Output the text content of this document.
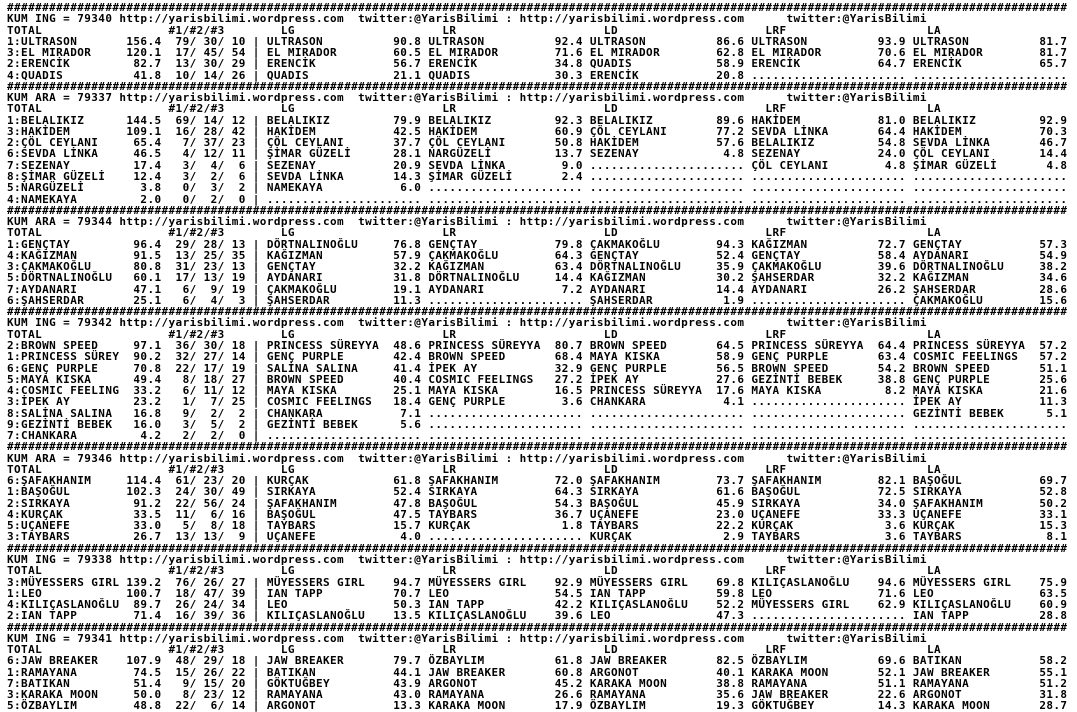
#######################################################################################################################################################
KUM ING = 79340 http://yarisbilimi.wordpress.com  twitter:@YarisBilimi : http://yarisbilimi.wordpress.com      twitter:@YarisBilimi
TOTAL                  #1/#2/#3        LG                     LR                     LD                     LRF                    LA
1:ULTRASON       156.4  79/ 30/ 10 | ULTRASON          90.8 ULTRASON          92.4 ULTRASON          86.6 ULTRASON          93.9 ULTRASON          81.7
3:EL MIRADOR     120.1  17/ 45/ 54 | EL MIRADOR        60.5 EL MIRADOR        71.6 EL MIRADOR        62.8 EL MIRADOR        70.6 EL MIRADOR        81.7
2:ERENCİK         82.7  13/ 30/ 29 | ERENCİK           56.7 ERENCİK           34.8 QUADIS            58.9 ERENCİK           64.7 ERENCİK           65.7
4:QUADIS          41.8  10/ 14/ 26 | QUADIS            21.1 QUADIS            30.3 ERENCİK           20.8 ...................... ......................
#######################################################################################################################################################
KUM ARA = 79337 http://yarisbilimi.wordpress.com  twitter:@YarisBilimi : http://yarisbilimi.wordpress.com      twitter:@YarisBilimi
TOTAL                  #1/#2/#3        LG                     LR                     LD                     LRF                    LA
1:BELALIKIZ      144.5  69/ 14/ 12 | BELALIKIZ         79.9 BELALIKIZ         92.3 BELALIKIZ         89.6 HAKİDEM           81.0 BELALIKIZ         92.9
3:HAKİDEM        109.1  16/ 28/ 42 | HAKİDEM           42.5 HAKİDEM           60.9 ÇÖL CEYLANI       77.2 SEVDA LİNKA       64.4 HAKİDEM           70.3
2:ÇÖL CEYLANI     65.4   7/ 37/ 23 | ÇÖL CEYLANI       37.7 ÇÖL CEYLANI       50.8 HAKİDEM           57.6 BELALIKIZ         54.8 SEVDA LİNKA       46.7
6:SEVDA LİNKA     46.5   4/ 12/ 11 | ŞİMAR GÜZELİ      28.1 NARGÜZELİ         13.7 SEZENAY            4.8 SEZENAY           24.0 ÇÖL CEYLANI       14.4
7:SEZENAY         17.4   3/  4/  6 | SEZENAY           20.9 SEVDA LİNKA        9.0 ...................... ÇÖL CEYLANI        4.8 ŞİMAR GÜZELİ       4.8
8:ŞİMAR GÜZELİ    12.4   3/  2/  6 | SEVDA LİNKA       14.3 ŞİMAR GÜZELİ       2.4 ...................... ...................... ......................
5:NARGÜZELİ        3.8   0/  3/  2 | NAMEKAYA           6.0 ...................... ...................... ...................... ......................
4:NAMEKAYA         2.0   0/  2/  0 | ...................... ...................... ...................... ...................... ......................
#######################################################################################################################################################
KUM ARA = 79344 http://yarisbilimi.wordpress.com  twitter:@YarisBilimi : http://yarisbilimi.wordpress.com      twitter:@YarisBilimi
TOTAL                  #1/#2/#3        LG                     LR                     LD                     LRF                    LA
1:GENÇTAY         96.4  29/ 28/ 13 | DÖRTNALINOĞLU     76.8 GENÇTAY           79.8 ÇAKMAKOĞLU        94.3 KAĞIZMAN          72.7 GENÇTAY           57.3
4:KAĞIZMAN        91.5  13/ 25/ 35 | KAĞIZMAN          57.9 ÇAKMAKOĞLU        64.3 GENÇTAY           52.4 GENÇTAY           58.4 AYDANARI          54.9
3:ÇAKMAKOĞLU      80.8  31/ 23/ 13 | GENÇTAY           32.2 KAĞIZMAN          63.4 DÖRTNALINOĞLU     35.9 ÇAKMAKOĞLU        39.6 DÖRTNALINOĞLU     38.2
5:DÖRTNALINOĞLU   60.1  17/ 13/ 19 | AYDANARI          31.8 DÖRTNALINOĞLU     14.4 KAĞIZMAN          30.2 ŞAHSERDAR         32.2 KAĞIZMAN          34.6
7:AYDANARI        47.1   6/  9/ 19 | ÇAKMAKOĞLU        19.1 AYDANARI           7.2 AYDANARI          14.4 AYDANARI          26.2 ŞAHSERDAR         28.6
6:ŞAHSERDAR       25.1   6/  4/  3 | ŞAHSERDAR         11.3 ...................... ŞAHSERDAR          1.9 ...................... ÇAKMAKOĞLU        15.6
#######################################################################################################################################################
KUM ING = 79342 http://yarisbilimi.wordpress.com  twitter:@YarisBilimi : http://yarisbilimi.wordpress.com      twitter:@YarisBilimi
TOTAL                  #1/#2/#3        LG                     LR                     LD                     LRF                    LA
2:BROWN SPEED     97.1  36/ 30/ 18 | PRINCESS SÜREYYA  48.6 PRINCESS SÜREYYA  80.7 BROWN SPEED       64.5 PRINCESS SÜREYYA  64.4 PRINCESS SÜREYYA  57.2
1:PRINCESS SÜREY  90.2  32/ 27/ 14 | GENÇ PURPLE       42.4 BROWN SPEED       68.4 MAYA KISKA        58.9 GENÇ PURPLE       63.4 COSMIC FEELINGS   57.2
6:GENÇ PURPLE     70.8  22/ 17/ 19 | SALİNA SALINA     41.4 İPEK AY           32.9 GENÇ PURPLE       56.5 BROWN SPEED       54.2 BROWN SPEED       51.1
5:MAYA KISKA      49.4   8/ 18/ 27 | BROWN SPEED       40.4 COSMIC FEELINGS   27.2 İPEK AY           27.6 GEZİNTİ BEBEK     38.8 GENÇ PURPLE       25.6
4:COSMIC FEELING  33.2   6/ 11/ 12 | MAYA KISKA        25.1 MAYA KISKA        16.5 PRINCESS SÜREYYA  17.6 MAYA KISKA         8.2 MAYA KISKA        21.6
3:İPEK AY         23.2   1/  7/ 25 | COSMIC FEELINGS   18.4 GENÇ PURPLE        3.6 CHANKARA           4.1 ...................... İPEK AY           11.3
8:SALİNA SALINA   16.8   9/  2/  2 | CHANKARA           7.1 ...................... ...................... ...................... GEZİNTİ BEBEK      5.1
9:GEZİNTİ BEBEK   16.0   3/  5/  2 | GEZİNTİ BEBEK      5.6 ...................... ...................... ...................... ......................
7:CHANKARA         4.2   2/  2/  0 | ...................... ...................... ...................... ...................... ......................
#######################################################################################################################################################
KUM ARA = 79346 http://yarisbilimi.wordpress.com  twitter:@YarisBilimi : http://yarisbilimi.wordpress.com      twitter:@YarisBilimi
TOTAL                  #1/#2/#3        LG                     LR                     LD                     LRF                    LA
6:ŞAFAKHANIM     114.4  61/ 23/ 20 | KURÇAK            61.8 ŞAFAKHANIM        72.0 ŞAFAKHANIM        73.7 ŞAFAKHANIM        82.1 BAŞOĞUL           69.7
1:BAŞOĞUL        102.3  24/ 30/ 49 | SIRKAYA           52.4 SIRKAYA           64.3 SIRKAYA           61.6 BAŞOĞUL           72.5 SIRKAYA           52.8
2:SIRKAYA         91.2  22/ 56/ 24 | ŞAFAKHANIM        47.8 BAŞOĞUL           54.3 BAŞOĞUL           45.9 SIRKAYA           34.0 ŞAFAKHANIM        50.2
4:KURÇAK          33.5  11/  6/ 16 | BAŞOĞUL           47.5 TAYBARS           36.7 UÇANEFE           23.0 UÇANEFE           33.3 UÇANEFE           33.1
5:UÇANEFE         33.0   5/  8/ 18 | TAYBARS           15.7 KURÇAK             1.8 TAYBARS           22.2 KURÇAK             3.6 KURÇAK            15.3
3:TAYBARS         26.7  13/ 13/  9 | UÇANEFE            4.0 ...................... KURÇAK             2.9 TAYBARS            3.6 TAYBARS            8.1
#######################################################################################################################################################
KUM ING = 79338 http://yarisbilimi.wordpress.com  twitter:@YarisBilimi : http://yarisbilimi.wordpress.com      twitter:@YarisBilimi
TOTAL                  #1/#2/#3        LG                     LR                     LD                     LRF                    LA
3:MÜYESSERS GIRL 139.2  76/ 26/ 27 | MÜYESSERS GIRL    94.7 MÜYESSERS GIRL    92.9 MÜYESSERS GIRL    69.8 KILIÇASLANOĞLU    94.6 MÜYESSERS GIRL    75.9
1:LEO            100.7  18/ 47/ 39 | IAN TAPP          70.7 LEO               54.5 IAN TAPP          59.8 LEO               71.6 LEO               63.5
4:KILIÇASLANOĞLU  89.7  26/ 24/ 34 | LEO               50.3 IAN TAPP          42.2 KILIÇASLANOĞLU    52.2 MÜYESSERS GIRL    62.9 KILIÇASLANOĞLU    60.9
2:IAN TAPP        71.4  16/ 39/ 36 | KILIÇASLANOĞLU    13.5 KILIÇASLANOĞLU    39.6 LEO               47.3 ...................... IAN TAPP          28.8
#######################################################################################################################################################
KUM ING = 79341 http://yarisbilimi.wordpress.com  twitter:@YarisBilimi : http://yarisbilimi.wordpress.com      twitter:@YarisBilimi
TOTAL                  #1/#2/#3        LG                     LR                     LD                     LRF                    LA
6:JAW BREAKER    107.9  48/ 29/ 18 | JAW BREAKER       79.7 ÖZBAYLIM          61.8 JAW BREAKER       82.5 ÖZBAYLIM          69.6 BATIKAN           58.2
1:RAMAYANA        74.5  15/ 26/ 22 | BATIKAN           44.1 JAW BREAKER       60.8 ARGONOT           40.1 KARAKA MOON       52.1 JAW BREAKER       55.1
7:BATIKAN         51.4   9/ 15/ 20 | GÖKTUĞBEY         43.9 ARGONOT           45.2 KARAKA MOON       38.8 RAMAYANA          51.1 RAMAYANA          51.2
3:KARAKA MOON     50.0   8/ 23/ 12 | RAMAYANA          43.0 RAMAYANA          26.6 RAMAYANA          35.6 JAW BREAKER       22.6 ARGONOT           31.8
5:ÖZBAYLIM        48.8  22/  6/ 14 | ARGONOT           13.3 KARAKA MOON       17.9 ÖZBAYLIM          19.3 GÖKTUĞBEY         14.3 KARAKA MOON       28.7
